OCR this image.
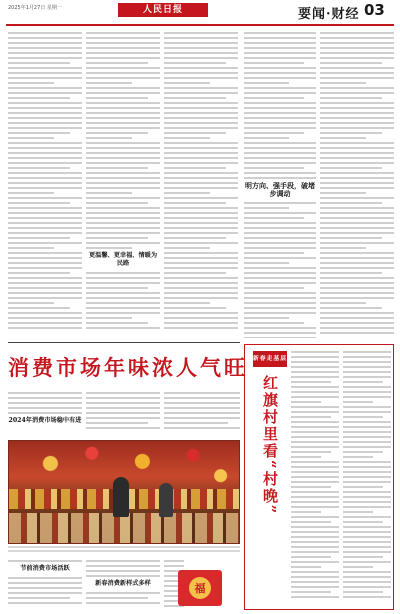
2025年1月27日 星期一	人民日报	要闻·财经 03
更温馨、更幸福、情暖为民路
明方向、强手段，破堵步调动
消费市场年味浓人气旺
2024年消费市场稳中有进
节前消费市场活跃
新春消费新样式多样	福
新春走基层
红旗村里看“村晚”
